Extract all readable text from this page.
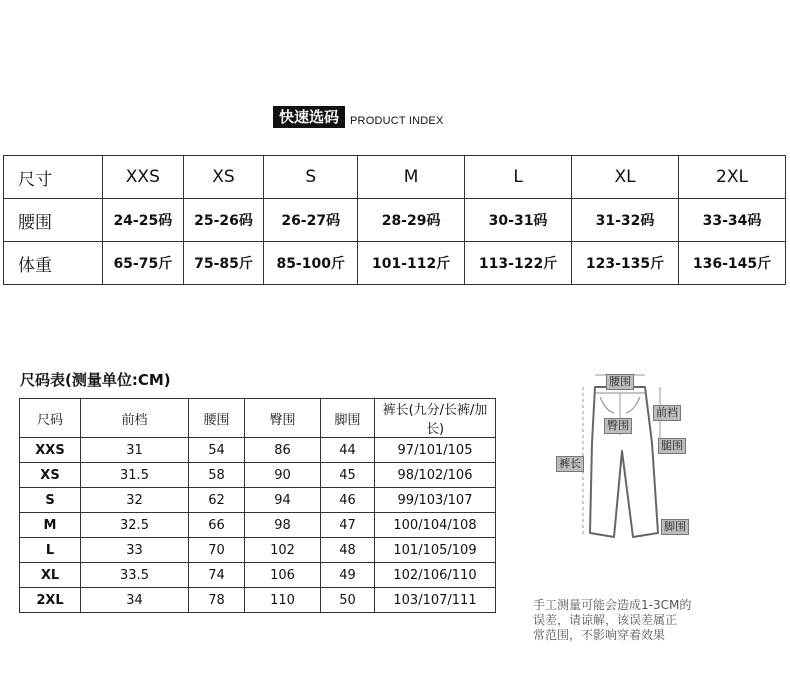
快速选码	PRODUCT INDEX
尺寸	XXS	XS	S	M	L	XL	2XL
腰围	24-25码	25-26码	26-27码	28-29码	30-31码	31-32码	33-34码
体重	65-75斤	75-85斤	85-100斤	101-112斤	113-122斤	123-135斤	136-145斤
尺码表(测量单位:CM)
尺码	前档	腰围	臀围	脚围	裤长(九分/长裤/加长)
XXS	31	54	86	44	97/101/105
XS	31.5	58	90	45	98/102/106
S	32	62	94	46	99/103/107
M	32.5	66	98	47	100/104/108
L	33	70	102	48	101/105/109
XL	33.5	74	106	49	102/106/110
2XL	34	78	110	50	103/107/111
腰围
前裆
臀围
腿围
裤长
脚围
手工测量可能会造成1-3CM的
误差，请谅解，该误差属正
常范围，不影响穿着效果
